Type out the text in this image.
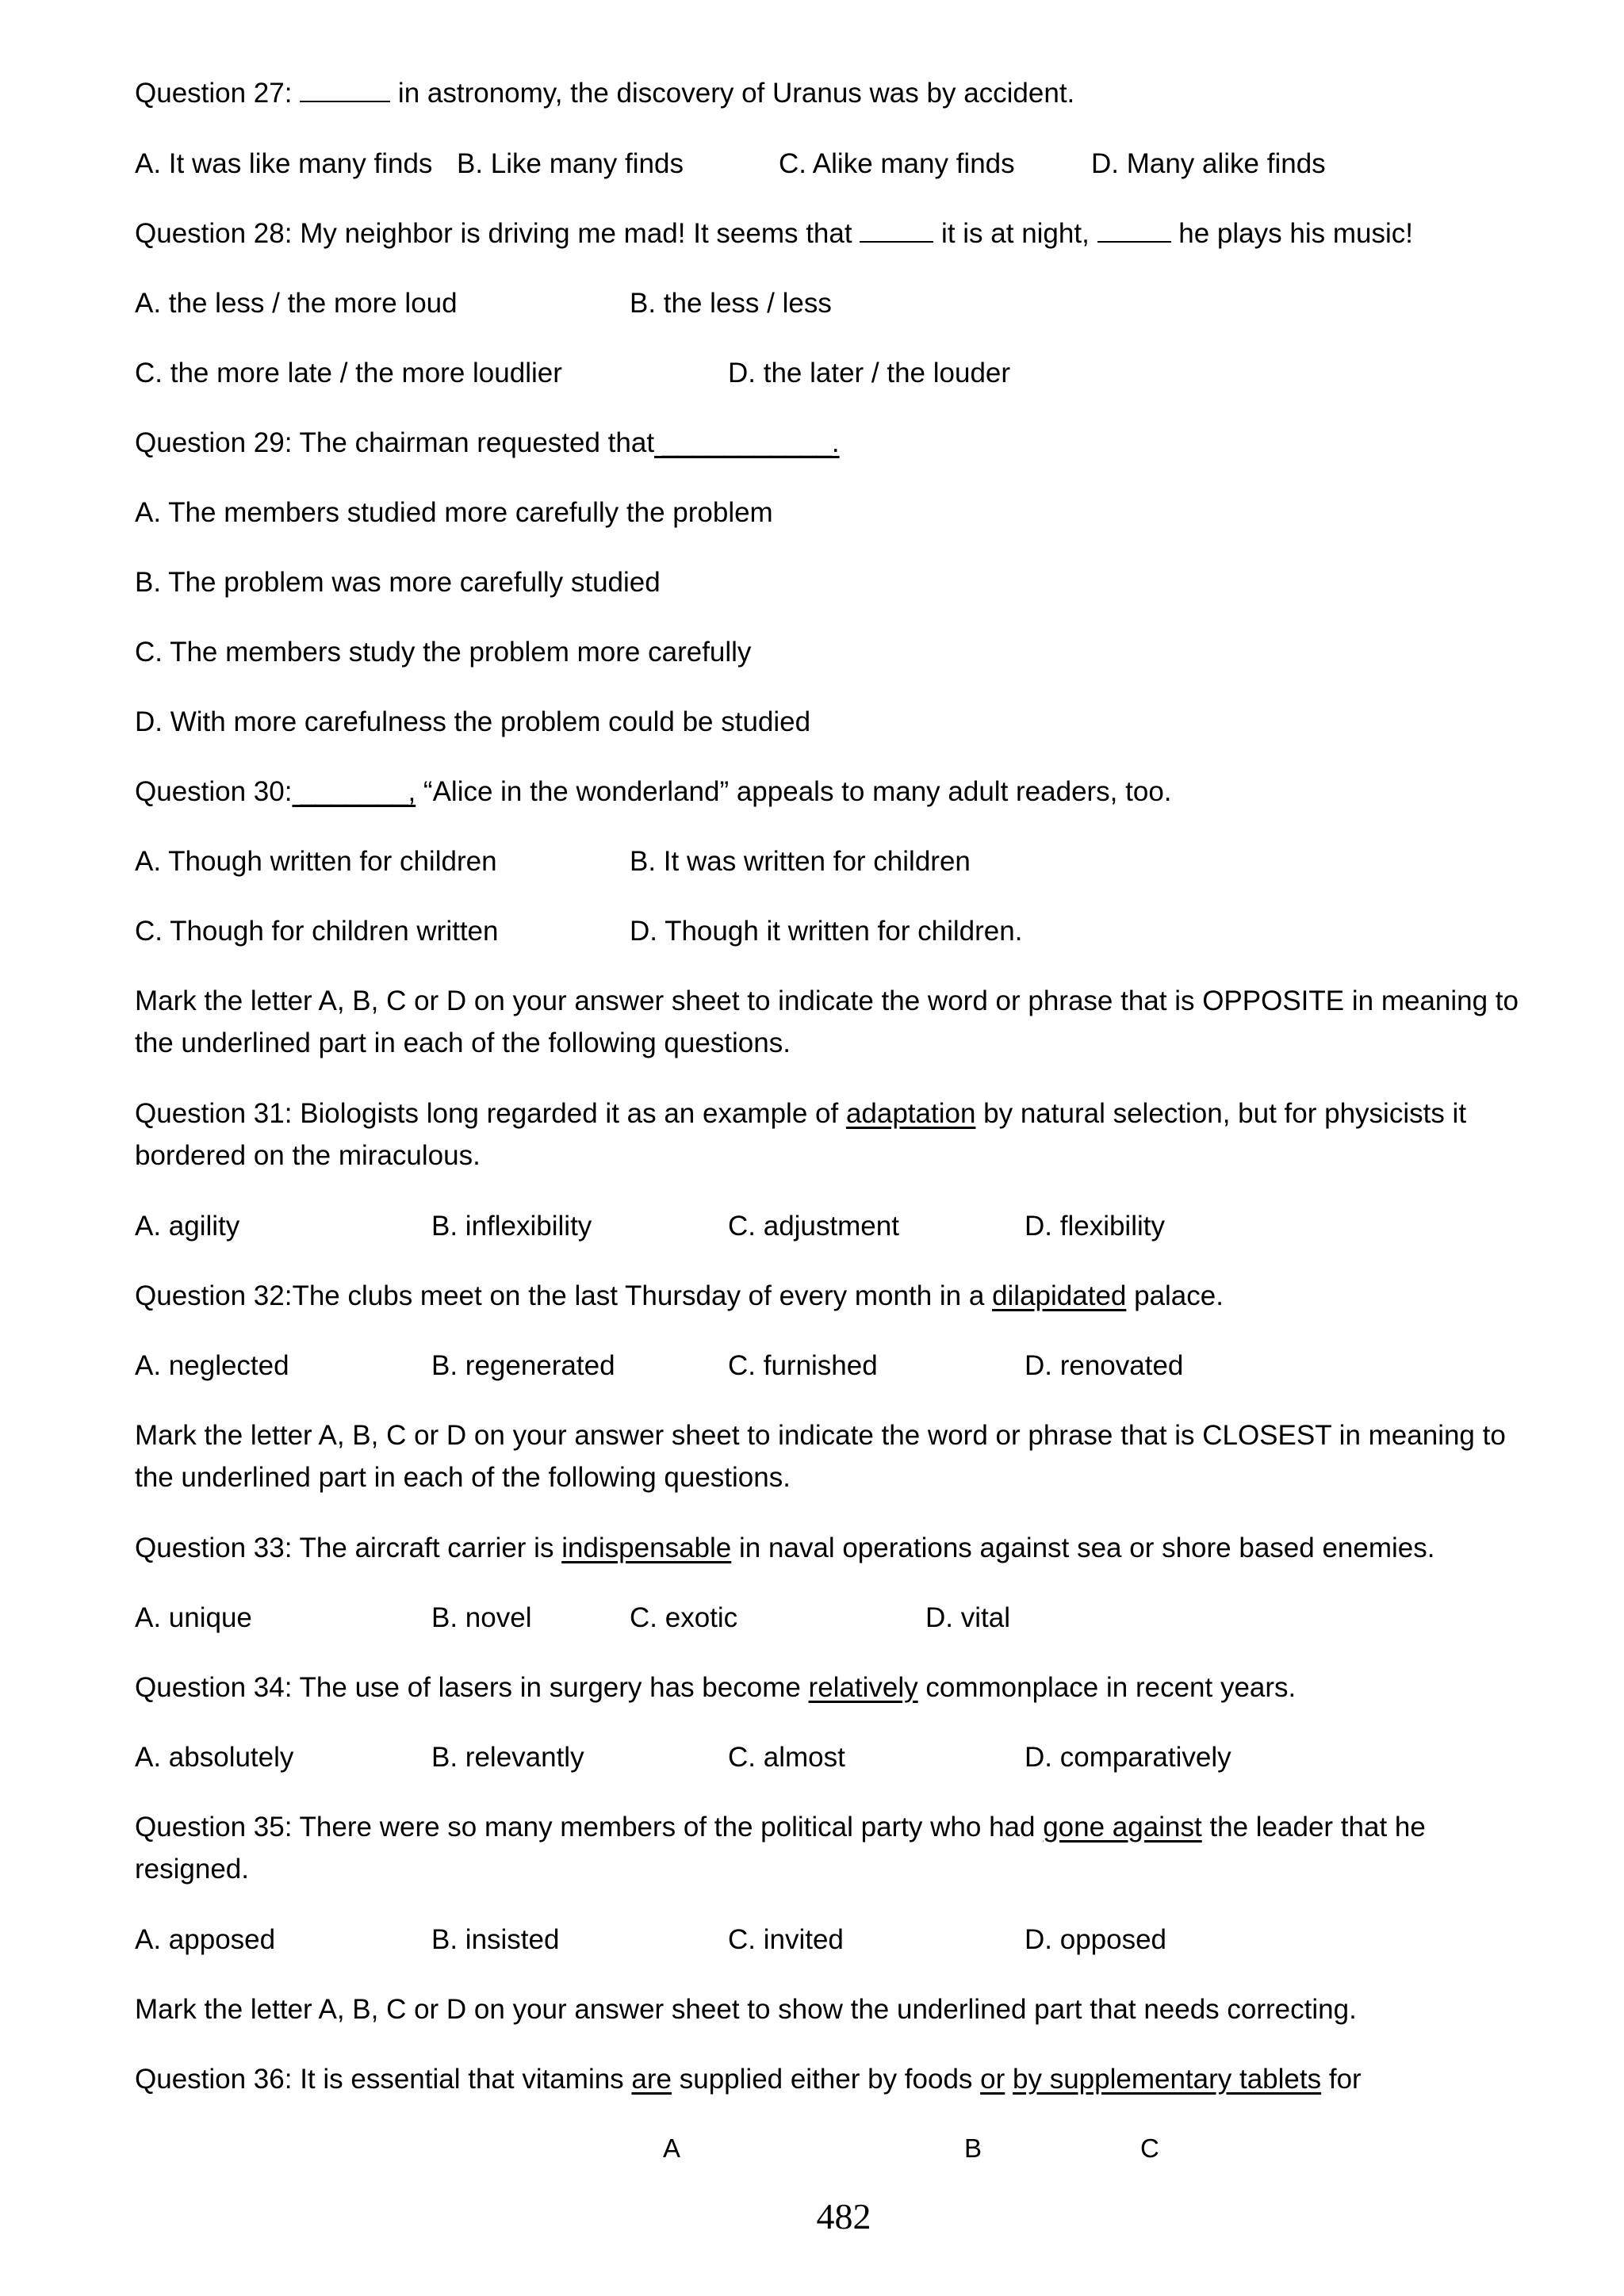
Question 27:	in astronomy, the discovery of Uranus was by accident.
A. It was like many finds B. Like many finds	C. Alike many finds	D. Many alike finds

Question 28: My neighbor is driving me mad! It seems that	it is at night,	he plays his music!
A. the less / the more loud	B. the less / less

C. the more late / the more loudlier	D. the later / the louder

Question 29: The chairman requested that ___________.
A. The members studied more carefully the problem
B. The problem was more carefully studied
C. The members study the problem more carefully
D. With more carefulness the problem could be studied
Question 30: _______, “Alice in the wonderland” appeals to many adult readers, too.
A. Though written for children	B. It was written for children

C. Though for children written	D. Though it written for children.

Mark the letter A, B, C or D on your answer sheet to indicate the word or phrase that is OPPOSITE in meaning to the underlined part in each of the following questions.
Question 31: Biologists long regarded it as an example of adaptation by natural selection, but for physicists it bordered on the miraculous.
A. agility	B. inflexibility	C. adjustment	D. flexibility

Question 32:The clubs meet on the last Thursday of every month in a dilapidated palace.
A. neglected	B. regenerated	C. furnished	D. renovated

Mark the letter A, B, C or D on your answer sheet to indicate the word or phrase that is CLOSEST in meaning to the underlined part in each of the following questions.
Question 33: The aircraft carrier is indispensable in naval operations against sea or shore based enemies.
A. unique	B. novel	C. exotic	D. vital

Question 34: The use of lasers in surgery has become relatively commonplace in recent years.
A. absolutely	B. relevantly	C. almost	D. comparatively

Question 35: There were so many members of the political party who had gone against the leader that he resigned.
A. apposed	B. insisted	C. invited	D. opposed

Mark the letter A, B, C or D on your answer sheet to show the underlined part that needs correcting.
Question 36: It is essential that vitamins are supplied either by foods or by supplementary tablets for
A	B	C
482
